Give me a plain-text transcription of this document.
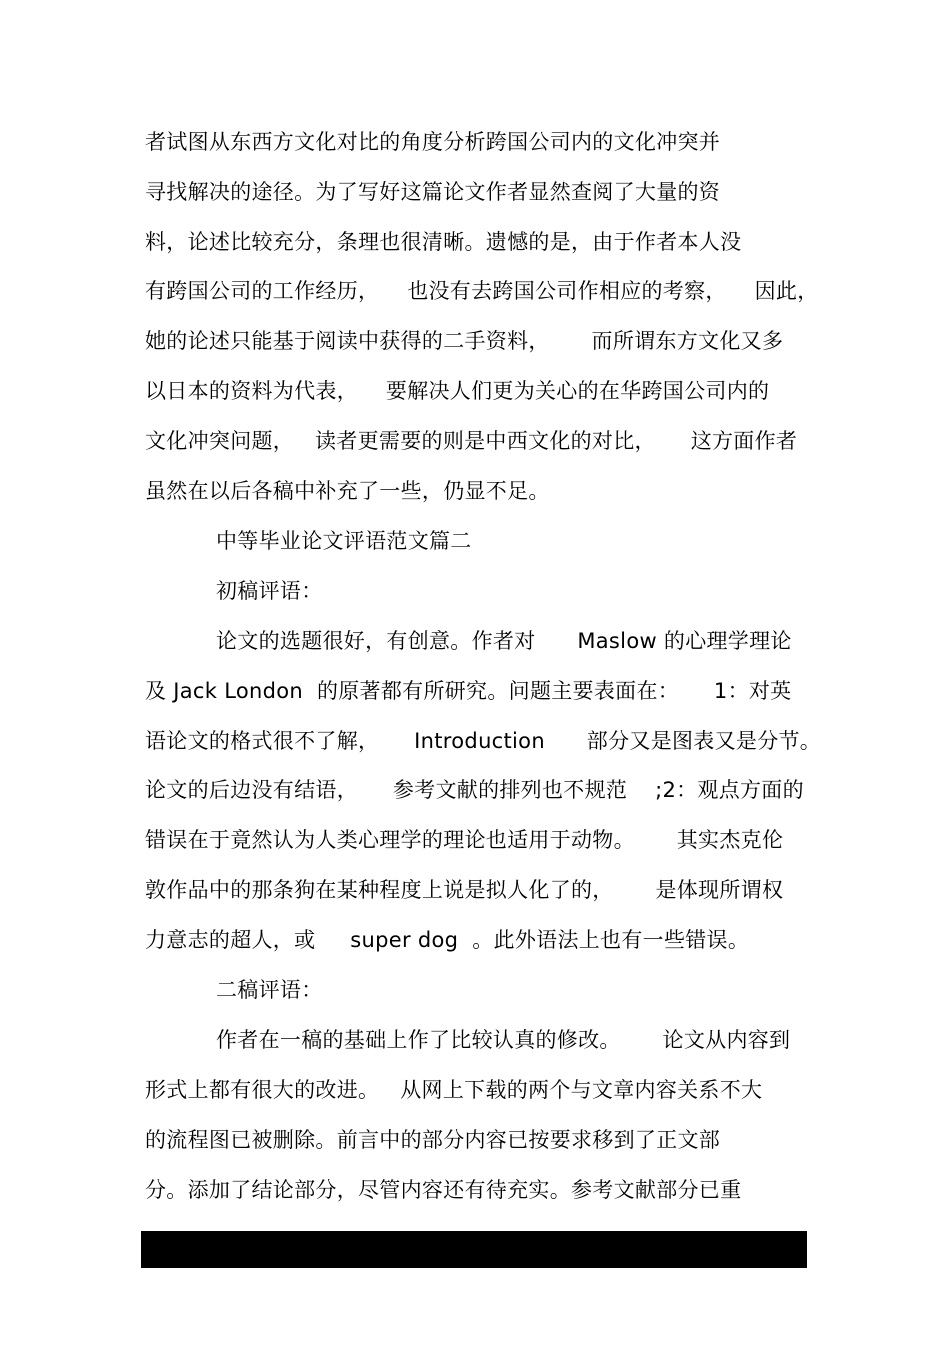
者试图从东西方文化对比的角度分析跨国公司内的文化冲突并
寻找解决的途径。为了写好这篇论文作者显然查阅了大量的资
料，论述比较充分，条理也很清晰。遗憾的是，由于作者本人没
有跨国公司的工作经历，    也没有去跨国公司作相应的考察，    因此，
她的论述只能基于阅读中获得的二手资料，      而所谓东方文化又多
以日本的资料为代表，    要解决人们更为关心的在华跨国公司内的
文化冲突问题，   读者更需要的则是中西文化的对比，     这方面作者
虽然在以后各稿中补充了一些，仍显不足。
中等毕业论文评语范文篇二
初稿评语：
论文的选题很好，有创意。作者对      Maslow 的心理学理论
及 Jack London  的原著都有所研究。问题主要表面在：     1：对英
语论文的格式很不了解，     Introduction      部分又是图表又是分节。
论文的后边没有结语，     参考文献的排列也不规范    ;2：观点方面的
错误在于竟然认为人类心理学的理论也适用于动物。      其实杰克伦
敦作品中的那条狗在某种程度上说是拟人化了的，      是体现所谓权
力意志的超人，或     super dog  。此外语法上也有一些错误。
二稿评语：
作者在一稿的基础上作了比较认真的修改。      论文从内容到
形式上都有很大的改进。   从网上下载的两个与文章内容关系不大
的流程图已被删除。前言中的部分内容已按要求移到了正文部
分。添加了结论部分，尽管内容还有待充实。参考文献部分已重
